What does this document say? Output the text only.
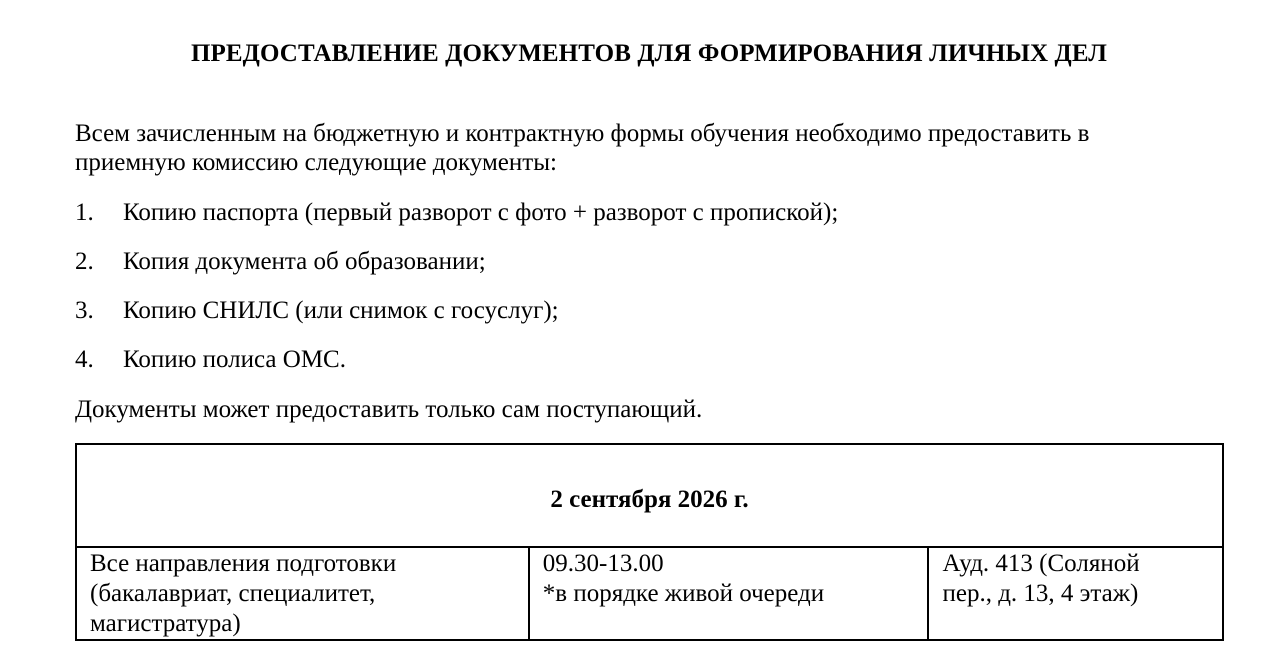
ПРЕДОСТАВЛЕНИЕ ДОКУМЕНТОВ ДЛЯ ФОРМИРОВАНИЯ ЛИЧНЫХ ДЕЛ
Всем зачисленным на бюджетную и контрактную формы обучения необходимо предоставить в
приемную комиссию следующие документы:
1. Копию паспорта (первый разворот с фото + разворот с пропиской);
2. Копия документа об образовании;
3. Копию СНИЛС (или снимок с госуслуг);
4. Копию полиса ОМС.
Документы может предоставить только сам поступающий.
2 сентября 2026 г.

Все направления подготовки
(бакалавриат, специалитет,
магистратура)

09.30-13.00
*в порядке живой очереди

Ауд. 413 (Соляной
пер., д. 13, 4 этаж)
